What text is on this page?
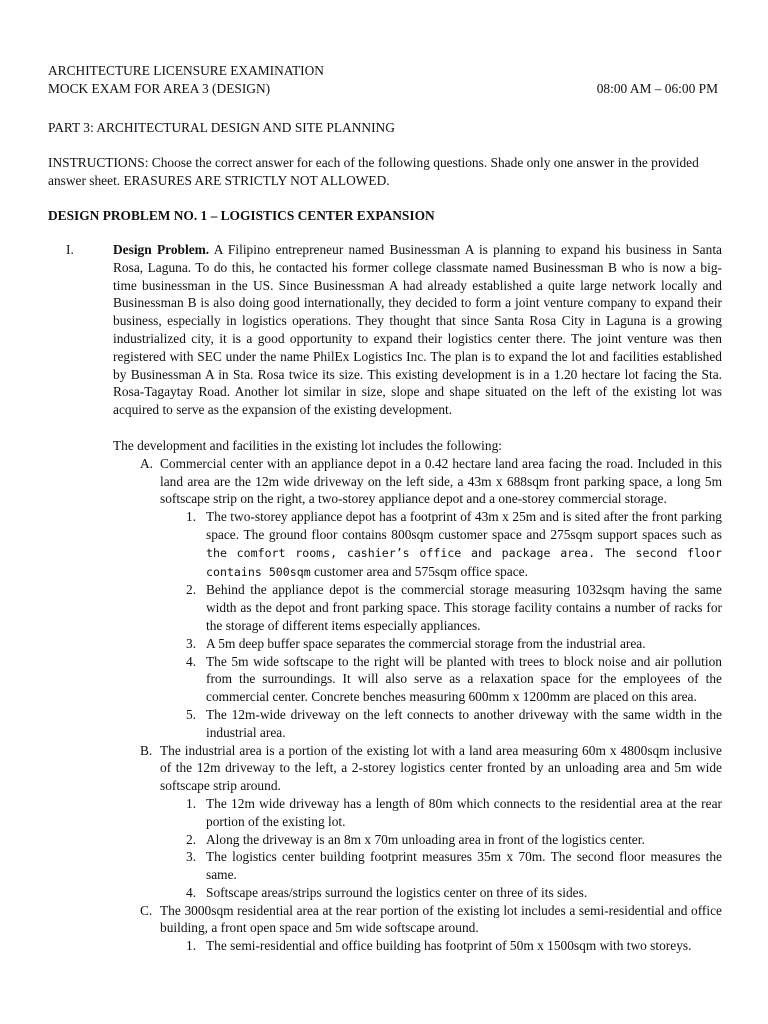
ARCHITECTURE LICENSURE EXAMINATION
MOCK EXAM FOR AREA 3 (DESIGN)	08:00 AM – 06:00 PM
PART 3: ARCHITECTURAL DESIGN AND SITE PLANNING
INSTRUCTIONS: Choose the correct answer for each of the following questions. Shade only one answer in the provided answer sheet. ERASURES ARE STRICTLY NOT ALLOWED.
DESIGN PROBLEM NO. 1 – LOGISTICS CENTER EXPANSION
I.	Design Problem. A Filipino entrepreneur named Businessman A is planning to expand his business in Santa Rosa, Laguna. To do this, he contacted his former college classmate named Businessman B who is now a big-time businessman in the US. Since Businessman A had already established a quite large network locally and Businessman B is also doing good internationally, they decided to form a joint venture company to expand their business, especially in logistics operations. They thought that since Santa Rosa City in Laguna is a growing industrialized city, it is a good opportunity to expand their logistics center there. The joint venture was then registered with SEC under the name PhilEx Logistics Inc. The plan is to expand the lot and facilities established by Businessman A in Sta. Rosa twice its size. This existing development is in a 1.20 hectare lot facing the Sta. Rosa-Tagaytay Road. Another lot similar in size, slope and shape situated on the left of the existing lot was acquired to serve as the expansion of the existing development.
The development and facilities in the existing lot includes the following:
A. Commercial center with an appliance depot in a 0.42 hectare land area facing the road. Included in this land area are the 12m wide driveway on the left side, a 43m x 688sqm front parking space, a long 5m softscape strip on the right, a two-storey appliance depot and a one-storey commercial storage.
1. The two-storey appliance depot has a footprint of 43m x 25m and is sited after the front parking space. The ground floor contains 800sqm customer space and 275sqm support spaces such as the comfort rooms, cashier’s office and package area. The second floor contains 500sqm customer area and 575sqm office space.
2. Behind the appliance depot is the commercial storage measuring 1032sqm having the same width as the depot and front parking space. This storage facility contains a number of racks for the storage of different items especially appliances.
3. A 5m deep buffer space separates the commercial storage from the industrial area.
4. The 5m wide softscape to the right will be planted with trees to block noise and air pollution from the surroundings. It will also serve as a relaxation space for the employees of the commercial center. Concrete benches measuring 600mm x 1200mm are placed on this area.
5. The 12m-wide driveway on the left connects to another driveway with the same width in the industrial area.
B. The industrial area is a portion of the existing lot with a land area measuring 60m x 4800sqm inclusive of the 12m driveway to the left, a 2-storey logistics center fronted by an unloading area and 5m wide softscape strip around.
1. The 12m wide driveway has a length of 80m which connects to the residential area at the rear portion of the existing lot.
2. Along the driveway is an 8m x 70m unloading area in front of the logistics center.
3. The logistics center building footprint measures 35m x 70m. The second floor measures the same.
4. Softscape areas/strips surround the logistics center on three of its sides.
C. The 3000sqm residential area at the rear portion of the existing lot includes a semi-residential and office building, a front open space and 5m wide softscape around.
1. The semi-residential and office building has footprint of 50m x 1500sqm with two storeys.
